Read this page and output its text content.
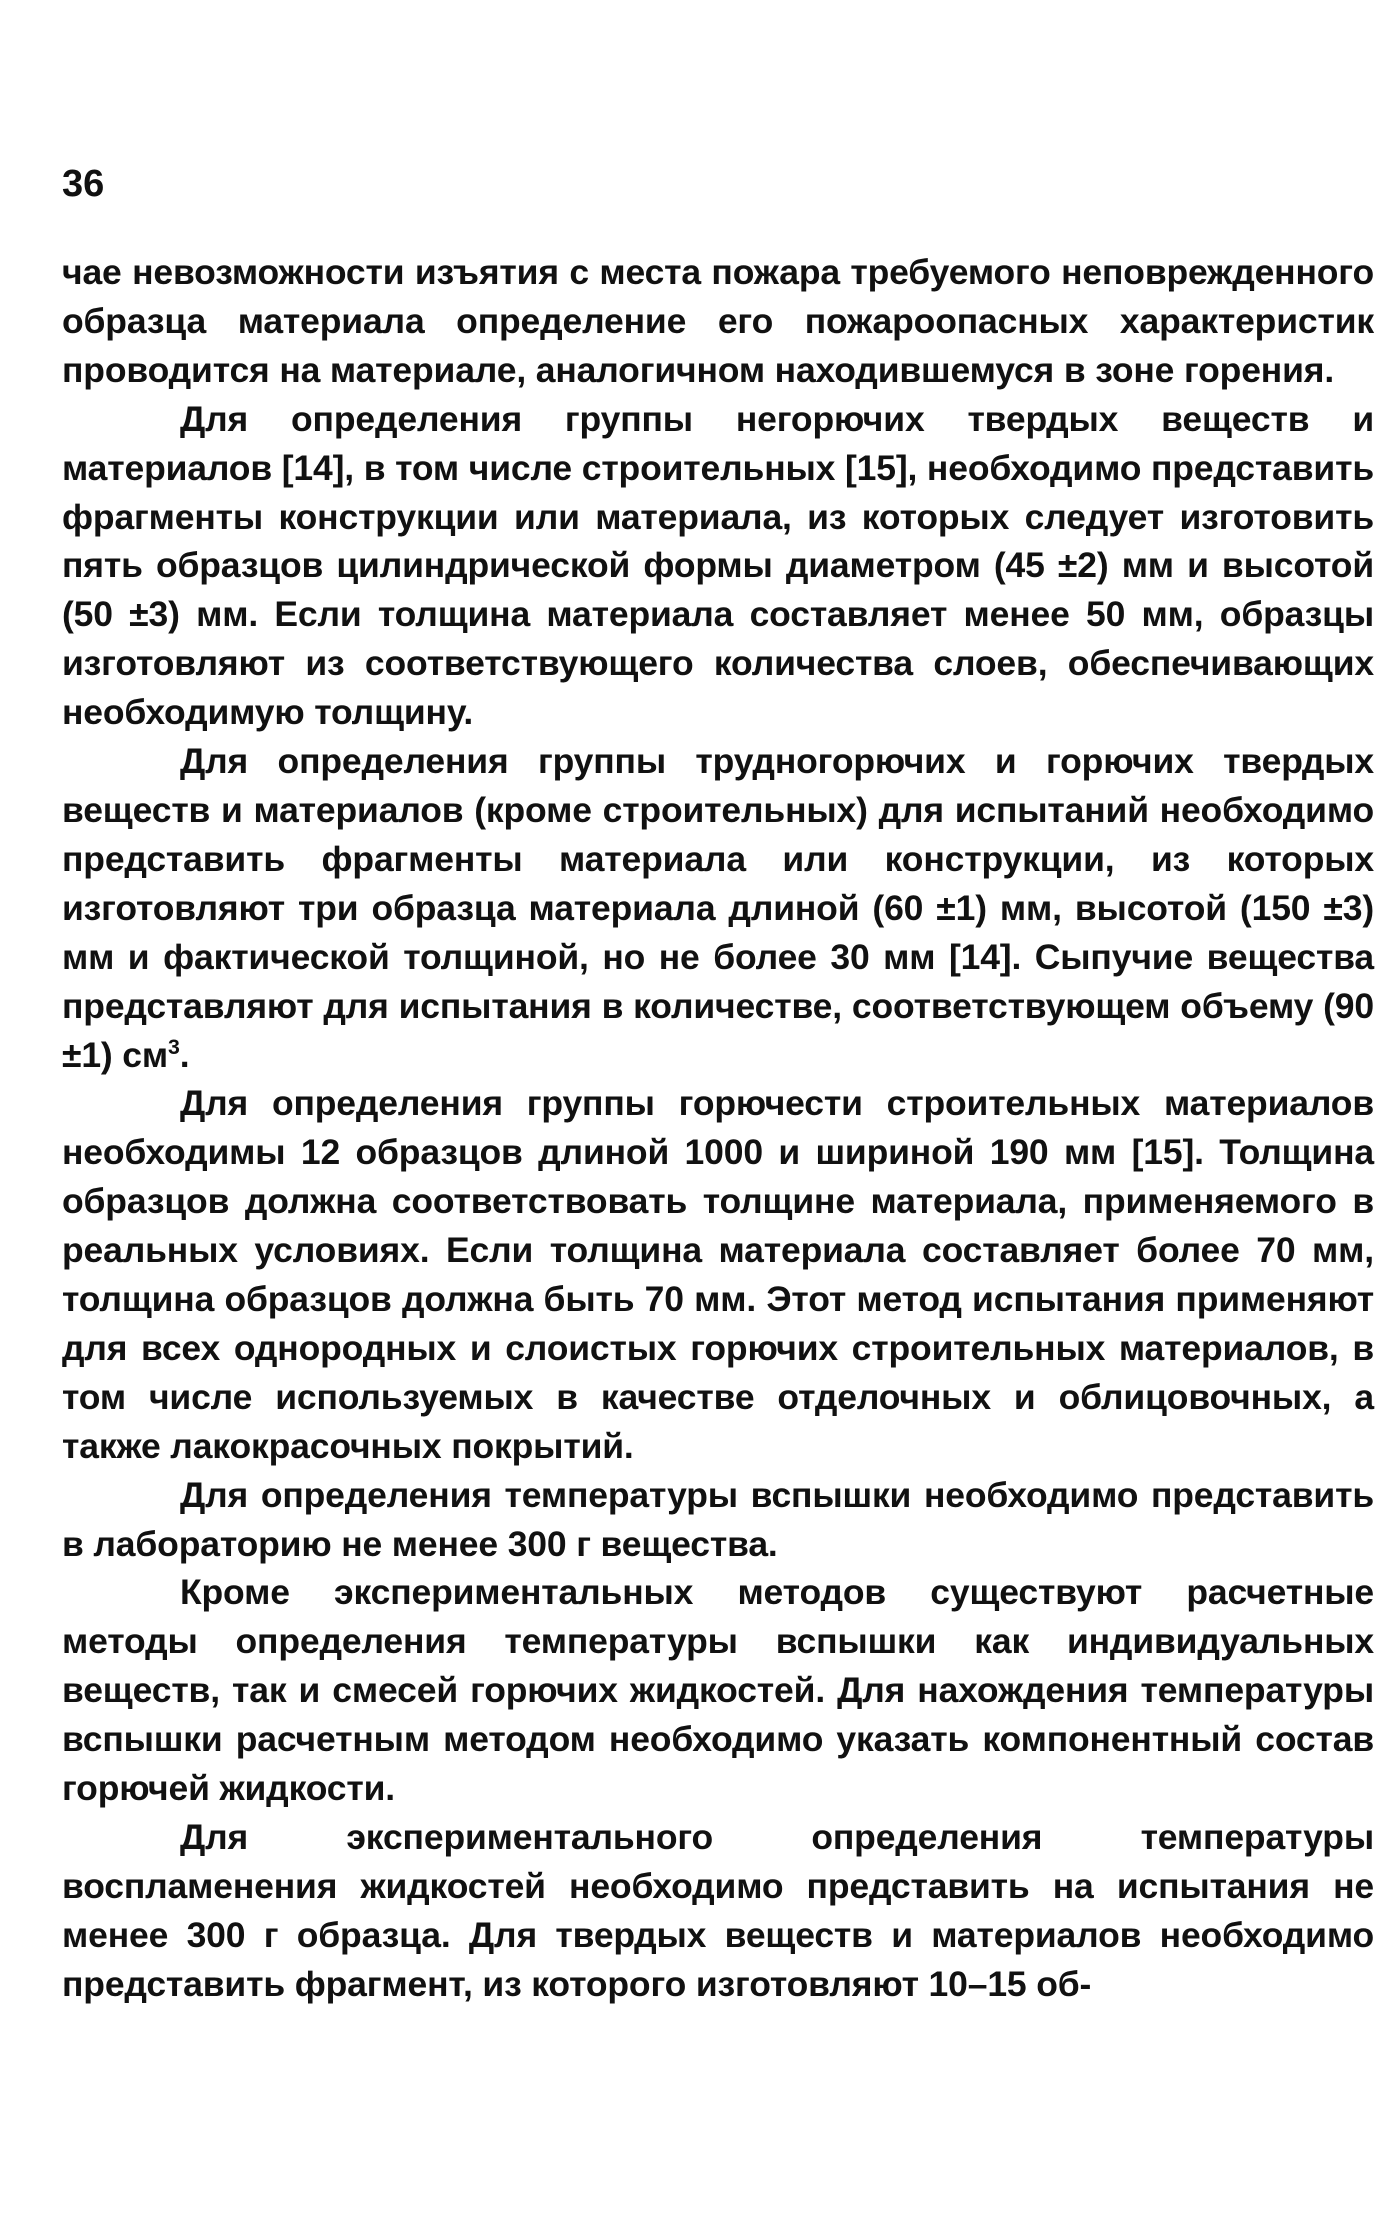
36

чае невозможности изъятия с места пожара требуемого неповрежденного образца материала определение его пожароопасных характеристик проводится на материале, аналогичном находившемуся в зоне горения.

Для определения группы негорючих твердых веществ и материалов [14], в том числе строительных [15], необходимо представить фрагменты конструкции или материала, из которых следует изготовить пять образцов цилиндрической формы диаметром (45 ±2) мм и высотой (50 ±3) мм. Если толщина материала составляет менее 50 мм, образцы изготовляют из соответствующего количества слоев, обеспечивающих необходимую толщину.

Для определения группы трудногорючих и горючих твердых веществ и материалов (кроме строительных) для испытаний необходимо представить фрагменты материала или конструкции, из которых изготовляют три образца материала длиной (60 ±1) мм, высотой (150 ±3) мм и фактической толщиной, но не более 30 мм [14]. Сыпучие вещества представляют для испытания в количестве, соответствующем объему (90 ±1) $см^3$.

Для определения группы горючести строительных материалов необходимы 12 образцов длиной 1000 и шириной 190 мм [15]. Толщина образцов должна соответствовать толщине материала, применяемого в реальных условиях. Если толщина материала составляет более 70 мм, толщина образцов должна быть 70 мм. Этот метод испытания применяют для всех однородных и слоистых горючих строительных материалов, в том числе используемых в качестве отделочных и облицовочных, а также лакокрасочных покрытий.

Для определения температуры вспышки необходимо представить в лабораторию не менее 300 г вещества.

Кроме экспериментальных методов существуют расчетные методы определения температуры вспышки как индивидуальных веществ, так и смесей горючих жидкостей. Для нахождения температуры вспышки расчетным методом необходимо указать компонентный состав горючей жидкости.

Для экспериментального определения температуры воспламенения жидкостей необходимо представить на испытания не менее 300 г образца. Для твердых веществ и материалов необходимо представить фрагмент, из которого изготовляют 10–15 об-
